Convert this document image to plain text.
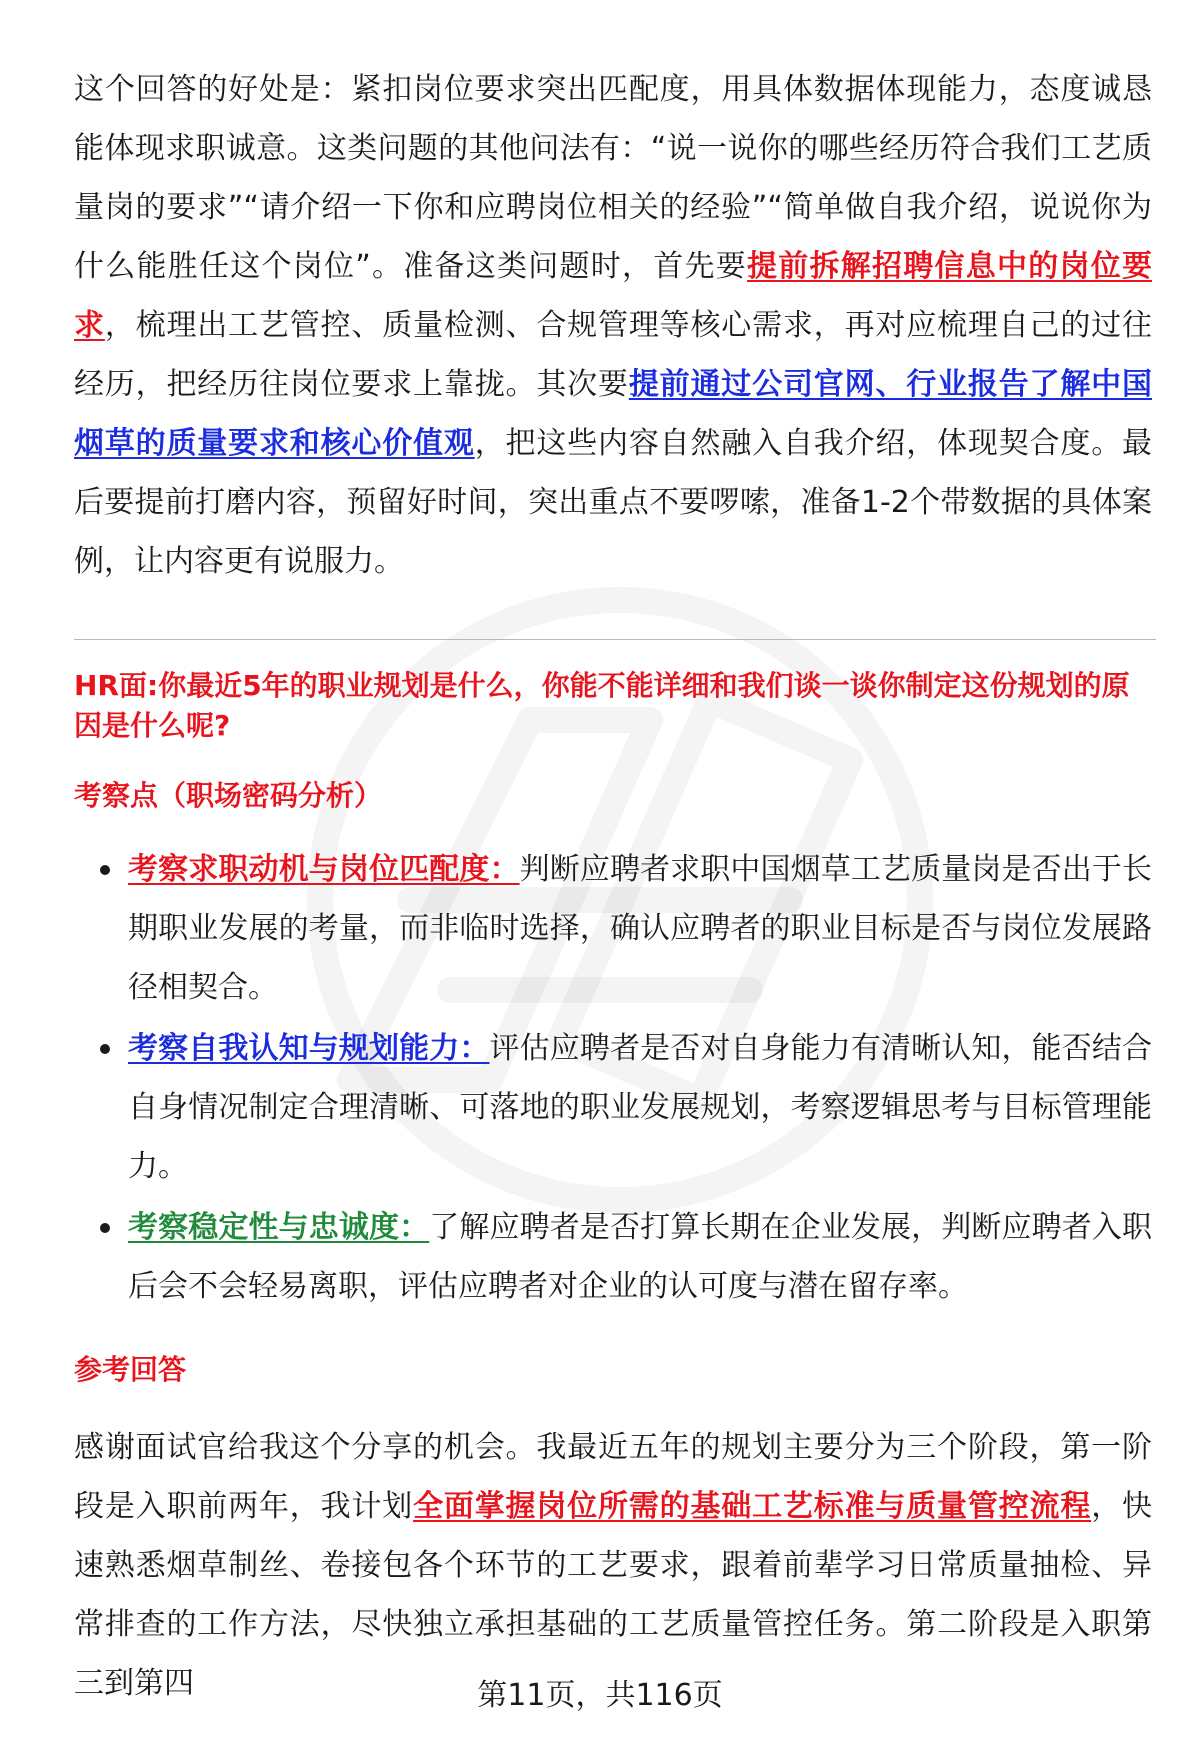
这个回答的好处是：紧扣岗位要求突出匹配度，用具体数据体现能力，态度诚恳能体现求职诚意。这类问题的其他问法有：“说一说你的哪些经历符合我们工艺质量岗的要求”“请介绍一下你和应聘岗位相关的经验”“简单做自我介绍，说说你为什么能胜任这个岗位”。准备这类问题时，首先要提前拆解招聘信息中的岗位要求，梳理出工艺管控、质量检测、合规管理等核心需求，再对应梳理自己的过往经历，把经历往岗位要求上靠拢。其次要提前通过公司官网、行业报告了解中国烟草的质量要求和核心价值观，把这些内容自然融入自我介绍，体现契合度。最后要提前打磨内容，预留好时间，突出重点不要啰嗦，准备1-2个带数据的具体案例，让内容更有说服力。

HR面:你最近5年的职业规划是什么，你能不能详细和我们谈一谈你制定这份规划的原因是什么呢?
考察点（职场密码分析）
考察求职动机与岗位匹配度：判断应聘者求职中国烟草工艺质量岗是否出于长期职业发展的考量，而非临时选择，确认应聘者的职业目标是否与岗位发展路径相契合。
考察自我认知与规划能力：评估应聘者是否对自身能力有清晰认知，能否结合自身情况制定合理清晰、可落地的职业发展规划，考察逻辑思考与目标管理能力。
考察稳定性与忠诚度：了解应聘者是否打算长期在企业发展，判断应聘者入职后会不会轻易离职，评估应聘者对企业的认可度与潜在留存率。
参考回答

感谢面试官给我这个分享的机会。我最近五年的规划主要分为三个阶段，第一阶段是入职前两年，我计划全面掌握岗位所需的基础工艺标准与质量管控流程，快速熟悉烟草制丝、卷接包各个环节的工艺要求，跟着前辈学习日常质量抽检、异常排查的工作方法，尽快独立承担基础的工艺质量管控任务。第二阶段是入职第三到第四	第11页，共116页
